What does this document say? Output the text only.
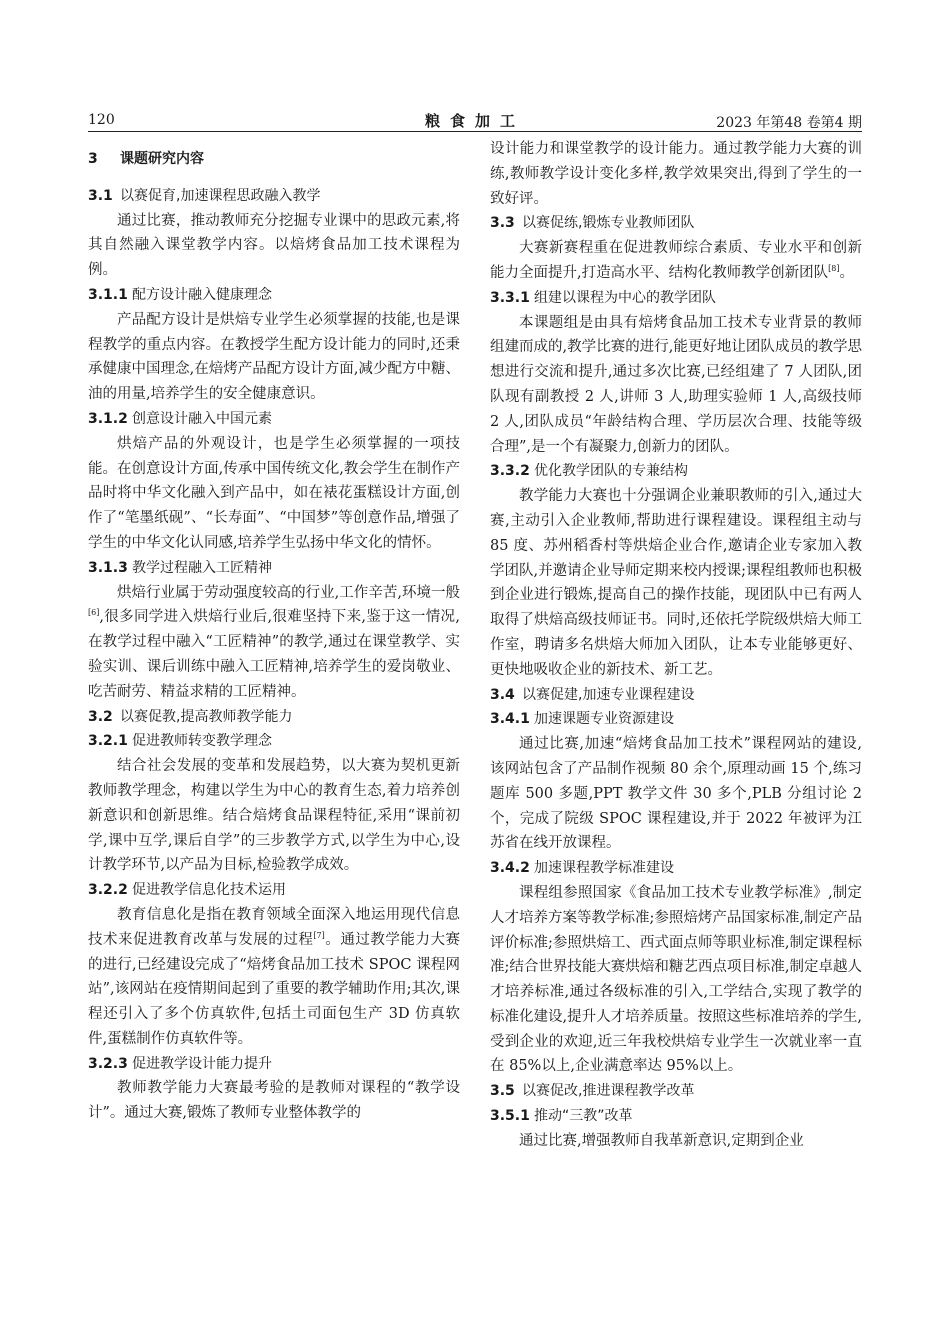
120	粮食加工	2023 年第48 卷第4 期

3 课题研究内容

3.1 以赛促育,加速课程思政融入教学

通过比赛，推动教师充分挖掘专业课中的思政元素,将其自然融入课堂教学内容。以焙烤食品加工技术课程为例。

3.1.1 配方设计融入健康理念

产品配方设计是烘焙专业学生必须掌握的技能,也是课程教学的重点内容。在教授学生配方设计能力的同时,还秉承健康中国理念,在焙烤产品配方设计方面,减少配方中糖、油的用量,培养学生的安全健康意识。

3.1.2 创意设计融入中国元素

烘焙产品的外观设计，也是学生必须掌握的一项技能。在创意设计方面,传承中国传统文化,教会学生在制作产品时将中华文化融入到产品中，如在裱花蛋糕设计方面,创作了“笔墨纸砚”、“长寿面”、“中国梦”等创意作品,增强了学生的中华文化认同感,培养学生弘扬中华文化的情怀。

3.1.3 教学过程融入工匠精神

烘焙行业属于劳动强度较高的行业,工作辛苦,环境一般[6],很多同学进入烘焙行业后,很难坚持下来,鉴于这一情况,在教学过程中融入“工匠精神”的教学,通过在课堂教学、实验实训、课后训练中融入工匠精神,培养学生的爱岗敬业、吃苦耐劳、精益求精的工匠精神。

3.2 以赛促教,提高教师教学能力

3.2.1 促进教师转变教学理念

结合社会发展的变革和发展趋势，以大赛为契机更新教师教学理念，构建以学生为中心的教育生态,着力培养创新意识和创新思维。结合焙烤食品课程特征,采用“课前初学,课中互学,课后自学”的三步教学方式,以学生为中心,设计教学环节,以产品为目标,检验教学成效。

3.2.2 促进教学信息化技术运用

教育信息化是指在教育领域全面深入地运用现代信息技术来促进教育改革与发展的过程[7]。通过教学能力大赛的进行,已经建设完成了“焙烤食品加工技术 SPOC 课程网站”,该网站在疫情期间起到了重要的教学辅助作用;其次,课程还引入了多个仿真软件,包括土司面包生产 3D 仿真软件,蛋糕制作仿真软件等。

3.2.3 促进教学设计能力提升

教师教学能力大赛最考验的是教师对课程的“教学设计”。通过大赛,锻炼了教师专业整体教学的

设计能力和课堂教学的设计能力。通过教学能力大赛的训练,教师教学设计变化多样,教学效果突出,得到了学生的一致好评。

3.3 以赛促练,锻炼专业教师团队

大赛新赛程重在促进教师综合素质、专业水平和创新能力全面提升,打造高水平、结构化教师教学创新团队[8]。

3.3.1 组建以课程为中心的教学团队

本课题组是由具有焙烤食品加工技术专业背景的教师组建而成的,教学比赛的进行,能更好地让团队成员的教学思想进行交流和提升,通过多次比赛,已经组建了 7 人团队,团队现有副教授 2 人,讲师 3 人,助理实验师 1 人,高级技师 2 人,团队成员“年龄结构合理、学历层次合理、技能等级合理”,是一个有凝聚力,创新力的团队。

3.3.2 优化教学团队的专兼结构

教学能力大赛也十分强调企业兼职教师的引入,通过大赛,主动引入企业教师,帮助进行课程建设。课程组主动与 85 度、苏州稻香村等烘焙企业合作,邀请企业专家加入教学团队,并邀请企业导师定期来校内授课;课程组教师也积极到企业进行锻炼,提高自己的操作技能，现团队中已有两人取得了烘焙高级技师证书。同时,还依托学院级烘焙大师工作室，聘请多名烘焙大师加入团队，让本专业能够更好、更快地吸收企业的新技术、新工艺。

3.4 以赛促建,加速专业课程建设

3.4.1 加速课题专业资源建设

通过比赛,加速“焙烤食品加工技术”课程网站的建设,该网站包含了产品制作视频 80 余个,原理动画 15 个,练习题库 500 多题,PPT 教学文件 30 多个,PLB 分组讨论 2 个，完成了院级 SPOC 课程建设,并于 2022 年被评为江苏省在线开放课程。

3.4.2 加速课程教学标准建设

课程组参照国家《食品加工技术专业教学标准》,制定人才培养方案等教学标准;参照焙烤产品国家标准,制定产品评价标准;参照烘焙工、西式面点师等职业标准,制定课程标准;结合世界技能大赛烘焙和糖艺西点项目标准,制定卓越人才培养标准,通过各级标准的引入,工学结合,实现了教学的标准化建设,提升人才培养质量。按照这些标准培养的学生,受到企业的欢迎,近三年我校烘焙专业学生一次就业率一直在 85%以上,企业满意率达 95%以上。

3.5 以赛促改,推进课程教学改革

3.5.1 推动“三教”改革

通过比赛,增强教师自我革新意识,定期到企业
